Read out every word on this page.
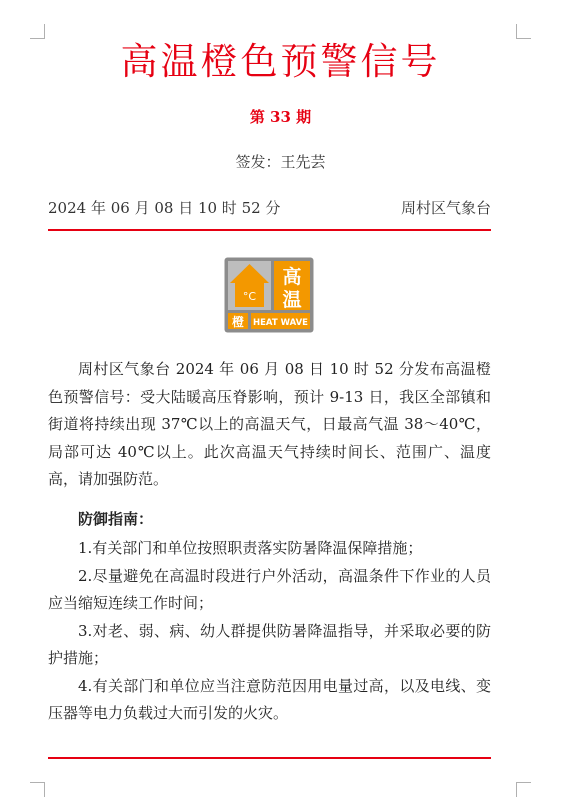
高温橙色预警信号
第 33 期
签发：王先芸
2024 年 06 月 08 日 10 时 52 分	周村区气象台
°C
高
温
橙 HEAT WAVE

周村区气象台 2024 年 06 月 08 日 10 时 52 分发布高温橙色预警信号：受大陆暖高压脊影响，预计 9-13 日，我区全部镇和街道将持续出现 37℃以上的高温天气，日最高气温 38～40℃，局部可达 40℃以上。此次高温天气持续时间长、范围广、温度高，请加强防范。

防御指南：

1.有关部门和单位按照职责落实防暑降温保障措施；

2.尽量避免在高温时段进行户外活动，高温条件下作业的人员应当缩短连续工作时间；

3.对老、弱、病、幼人群提供防暑降温指导，并采取必要的防护措施；

4.有关部门和单位应当注意防范因用电量过高，以及电线、变压器等电力负载过大而引发的火灾。
